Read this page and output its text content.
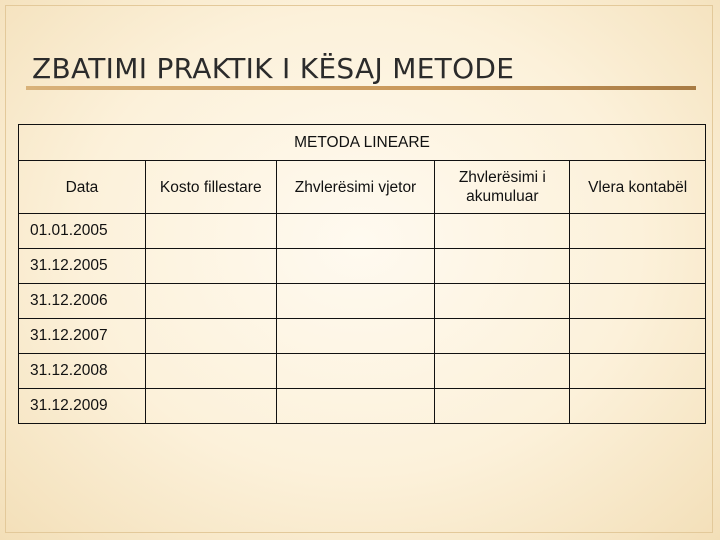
ZBATIMI PRAKTIK I KËSAJ METODE
METODA LINEARE				
Data	Kosto fillestare	Zhvlerësimi vjetor	Zhvlerësimi i akumuluar	Vlera kontabël
01.01.2005				
31.12.2005				
31.12.2006				
31.12.2007				
31.12.2008				
31.12.2009				
